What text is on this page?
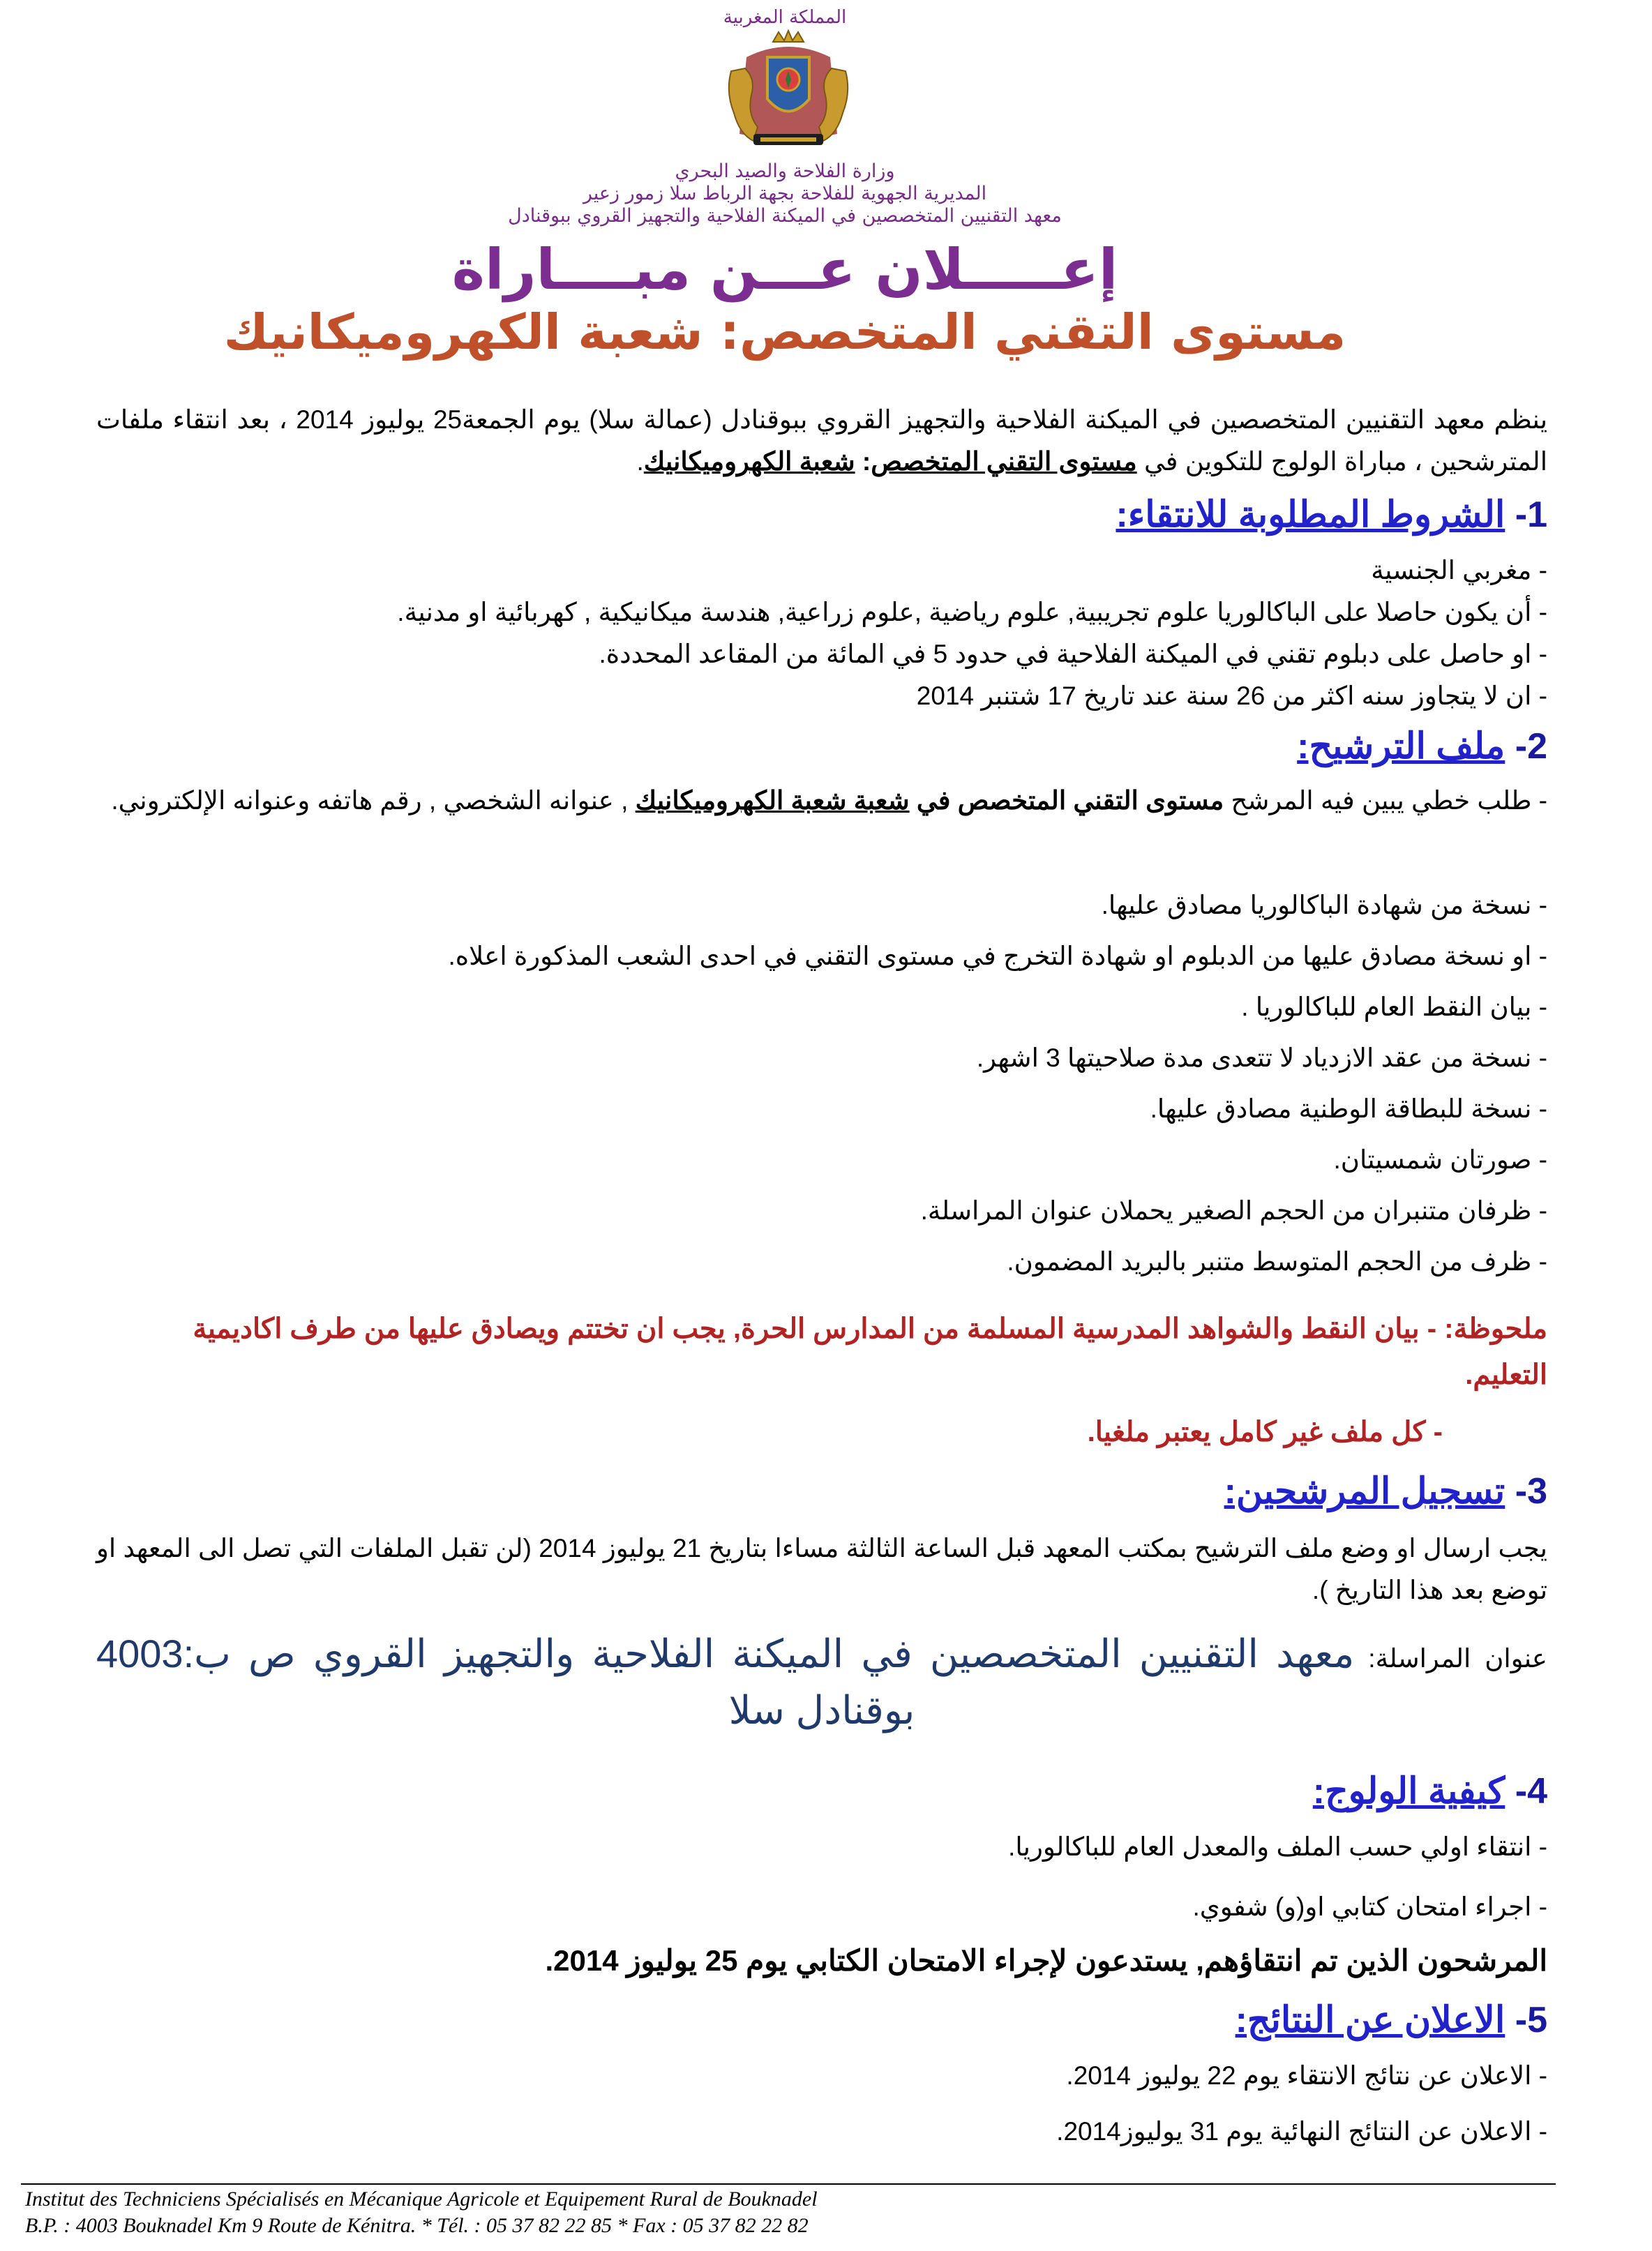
المملكة المغربية
وزارة الفلاحة والصيد البحري
المديرية الجهوية للفلاحة بجهة الرباط سلا زمور زعير
معهد التقنيين المتخصصين في الميكنة الفلاحية والتجهيز القروي ببوقنادل
إعـــــلان عـــن مبــــاراة
مستوى التقني المتخصص: شعبة الكهروميكانيك
ينظم معهد التقنيين المتخصصين في الميكنة الفلاحية والتجهيز القروي ببوقنادل (عمالة سلا) يوم الجمعة25 يوليوز 2014 ، بعد انتقاء ملفات المترشحين ، مباراة الولوج للتكوين في مستوى التقني المتخصص: شعبة الكهروميكانيك.
1- الشروط المطلوبة للانتقاء:
- مغربي الجنسية
- أن يكون حاصلا على الباكالوريا علوم تجريبية, علوم رياضية ,علوم زراعية, هندسة ميكانيكية , كهربائية او مدنية.
- او حاصل على دبلوم تقني في الميكنة الفلاحية في حدود 5 في المائة من المقاعد المحددة.
- ان لا يتجاوز سنه اكثر من 26 سنة عند تاريخ 17 شتنبر 2014
2- ملف الترشيح:
- طلب خطي يبين فيه المرشح مستوى التقني المتخصص في شعبة شعبة الكهروميكانيك , عنوانه الشخصي , رقم هاتفه وعنوانه الإلكتروني.
- نسخة من شهادة الباكالوريا مصادق عليها.
- او نسخة مصادق عليها من الدبلوم او شهادة التخرج في مستوى التقني في احدى الشعب المذكورة اعلاه.
- بيان النقط العام للباكالوريا .
- نسخة من عقد الازدياد لا تتعدى مدة صلاحيتها 3 اشهر.
- نسخة للبطاقة الوطنية مصادق عليها.
- صورتان شمسيتان.
- ظرفان متنبران من الحجم الصغير يحملان عنوان المراسلة.
- ظرف من الحجم المتوسط متنبر بالبريد المضمون.
ملحوظة: - بيان النقط والشواهد المدرسية المسلمة من المدارس الحرة, يجب ان تختتم ويصادق عليها من طرف اكاديمية التعليم.
- كل ملف غير كامل يعتبر ملغيا.
3- تسجيل المرشحين:
يجب ارسال او وضع ملف الترشيح بمكتب المعهد قبل الساعة الثالثة مساءا بتاريخ 21 يوليوز 2014 (لن تقبل الملفات التي تصل الى المعهد او توضع بعد هذا التاريخ ).
عنوان المراسلة: معهد التقنيين المتخصصين في الميكنة الفلاحية والتجهيز القروي ص ب:4003 بوقنادل سلا
4- كيفية الولوج:
- انتقاء اولي حسب الملف والمعدل العام للباكالوريا.
- اجراء امتحان كتابي او(و) شفوي.
المرشحون الذين تم انتقاؤهم, يستدعون لإجراء الامتحان الكتابي يوم 25 يوليوز 2014.
5- الاعلان عن النتائج:
- الاعلان عن نتائج الانتقاء يوم 22 يوليوز 2014.
- الاعلان عن النتائج النهائية يوم 31 يوليوز2014.
Institut des Techniciens Spécialisés en Mécanique Agricole et Equipement Rural de Bouknadel
B.P. : 4003 Bouknadel Km 9 Route de Kénitra. * Tél. : 05 37 82 22 85 * Fax : 05 37 82 22 82
